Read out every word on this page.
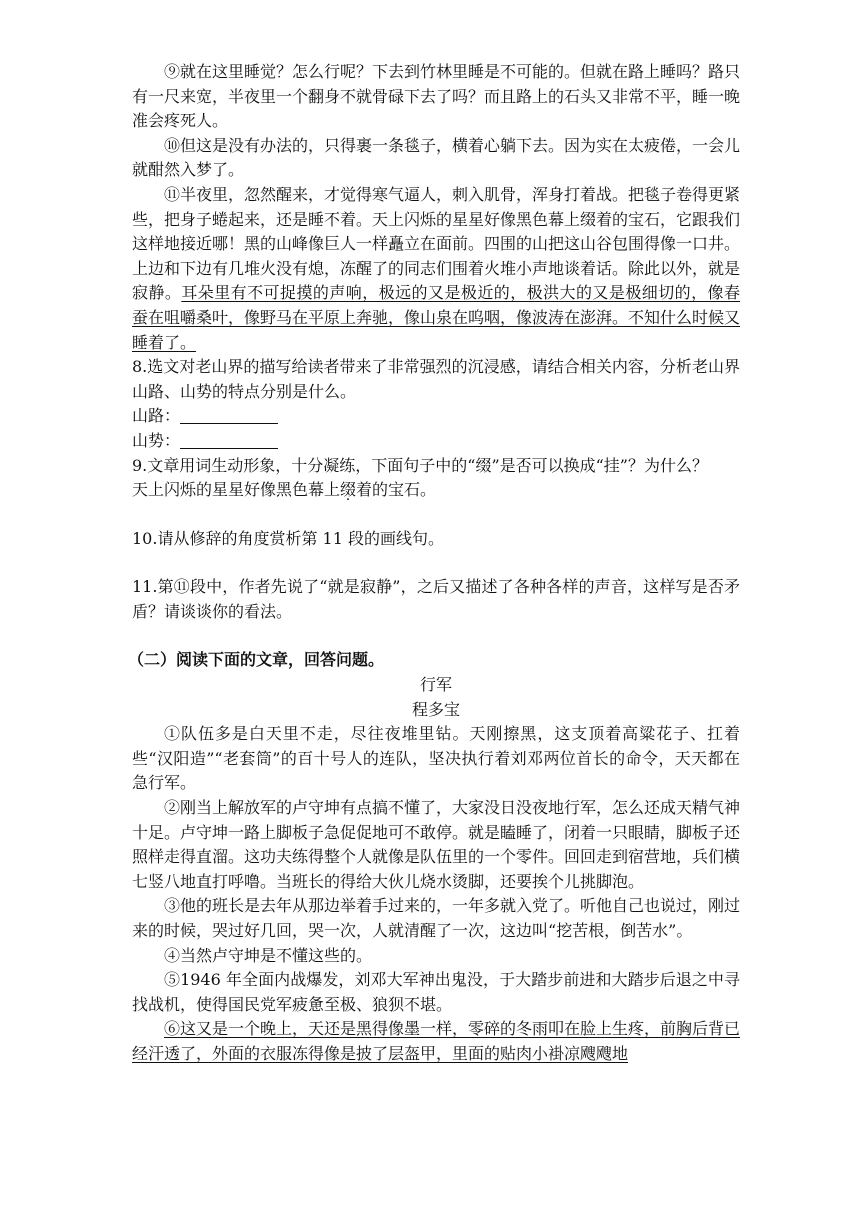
⑨就在这里睡觉？怎么行呢？下去到竹林里睡是不可能的。但就在路上睡吗？路只有一尺来宽，半夜里一个翻身不就骨碌下去了吗？而且路上的石头又非常不平，睡一晚准会疼死人。

⑩但这是没有办法的，只得裹一条毯子，横着心躺下去。因为实在太疲倦，一会儿就酣然入梦了。

⑪半夜里，忽然醒来，才觉得寒气逼人，刺入肌骨，浑身打着战。把毯子卷得更紧些，把身子蜷起来，还是睡不着。天上闪烁的星星好像黑色幕上缀着的宝石，它跟我们这样地接近哪！黑的山峰像巨人一样矗立在面前。四围的山把这山谷包围得像一口井。上边和下边有几堆火没有熄，冻醒了的同志们围着火堆小声地谈着话。除此以外，就是寂静。耳朵里有不可捉摸的声响，极远的又是极近的，极洪大的又是极细切的，像春蚕在咀嚼桑叶，像野马在平原上奔驰，像山泉在呜咽，像波涛在澎湃。不知什么时候又睡着了。

8.选文对老山界的描写给读者带来了非常强烈的沉浸感，请结合相关内容，分析老山界山路、山势的特点分别是什么。

山路：

山势：

9.文章用词生动形象，十分凝练，下面句子中的“缀”是否可以换成“挂”？为什么？

天上闪烁的星星好像黑色幕上缀着的宝石。

10.请从修辞的角度赏析第 11 段的画线句。

11.第⑪段中，作者先说了“就是寂静”，之后又描述了各种各样的声音，这样写是否矛盾？请谈谈你的看法。

（二）阅读下面的文章，回答问题。

行军

程多宝

①队伍多是白天里不走，尽往夜堆里钻。天刚擦黑，这支顶着高粱花子、扛着些“汉阳造”“老套筒”的百十号人的连队，坚决执行着刘邓两位首长的命令，天天都在急行军。

②刚当上解放军的卢守坤有点搞不懂了，大家没日没夜地行军，怎么还成天精气神十足。卢守坤一路上脚板子急促促地可不敢停。就是瞌睡了，闭着一只眼睛，脚板子还照样走得直溜。这功夫练得整个人就像是队伍里的一个零件。回回走到宿营地，兵们横七竖八地直打呼噜。当班长的得给大伙儿烧水烫脚，还要挨个儿挑脚泡。

③他的班长是去年从那边举着手过来的，一年多就入党了。听他自己也说过，刚过来的时候，哭过好几回，哭一次，人就清醒了一次，这边叫“挖苦根，倒苦水”。

④当然卢守坤是不懂这些的。

⑤1946 年全面内战爆发，刘邓大军神出鬼没，于大踏步前进和大踏步后退之中寻找战机，使得国民党军疲惫至极、狼狈不堪。

⑥这又是一个晚上，天还是黑得像墨一样，零碎的冬雨叩在脸上生疼，前胸后背已经汗透了，外面的衣服冻得像是披了层盔甲，里面的贴肉小褂凉飕飕地
